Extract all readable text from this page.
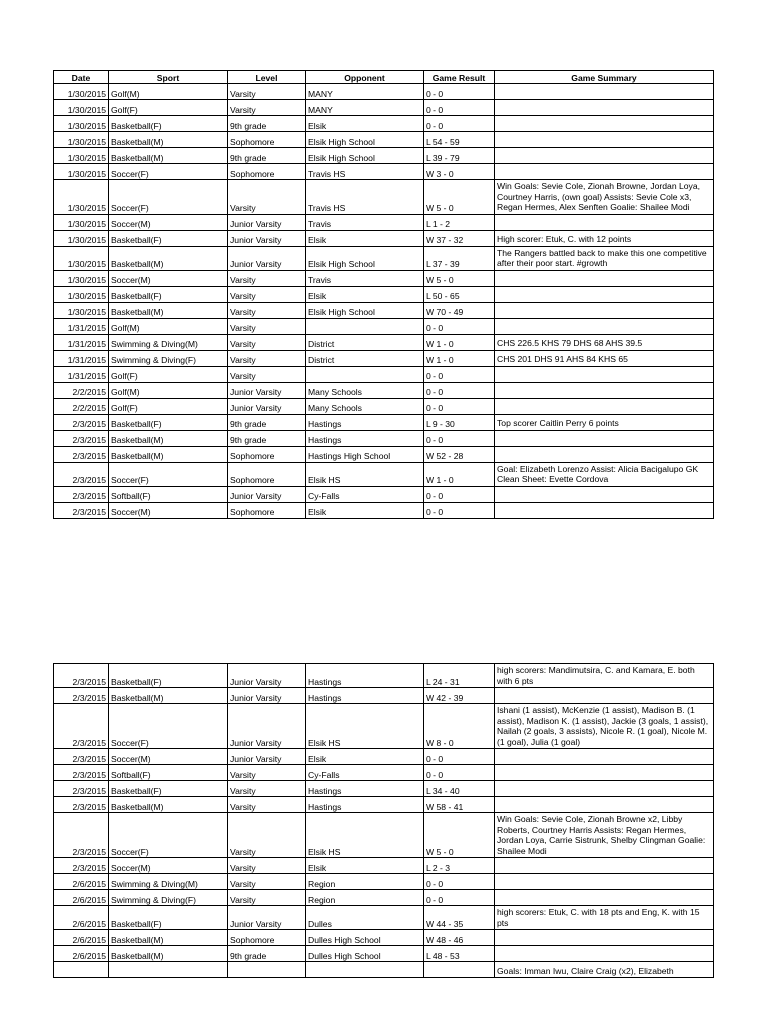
Date	Sport	Level	Opponent	Game Result	Game Summary
1/30/2015	Golf(M)	Varsity	MANY	0 - 0	
1/30/2015	Golf(F)	Varsity	MANY	0 - 0	
1/30/2015	Basketball(F)	9th grade	Elsik	0 - 0	
1/30/2015	Basketball(M)	Sophomore	Elsik High School	L 54 - 59	
1/30/2015	Basketball(M)	9th grade	Elsik High School	L 39 - 79	
1/30/2015	Soccer(F)	Sophomore	Travis HS	W 3 - 0	
1/30/2015	Soccer(F)	Varsity	Travis HS	W 5 - 0	Win Goals: Sevie Cole, Zionah Browne, Jordan Loya, Courtney Harris, (own goal) Assists: Sevie Cole x3, Regan Hermes, Alex Senften Goalie: Shailee Modi
1/30/2015	Soccer(M)	Junior Varsity	Travis	L 1 - 2	
1/30/2015	Basketball(F)	Junior Varsity	Elsik	W 37 - 32	High scorer: Etuk, C. with 12 points
1/30/2015	Basketball(M)	Junior Varsity	Elsik High School	L 37 - 39	The Rangers battled back to make this one competitive after their poor start. #growth
1/30/2015	Soccer(M)	Varsity	Travis	W 5 - 0	
1/30/2015	Basketball(F)	Varsity	Elsik	L 50 - 65	
1/30/2015	Basketball(M)	Varsity	Elsik High School	W 70 - 49	
1/31/2015	Golf(M)	Varsity		0 - 0	
1/31/2015	Swimming & Diving(M)	Varsity	District	W 1 - 0	CHS 226.5 KHS 79 DHS 68 AHS 39.5
1/31/2015	Swimming & Diving(F)	Varsity	District	W 1 - 0	CHS 201 DHS 91 AHS 84 KHS 65
1/31/2015	Golf(F)	Varsity		0 - 0	
2/2/2015	Golf(M)	Junior Varsity	Many Schools	0 - 0	
2/2/2015	Golf(F)	Junior Varsity	Many Schools	0 - 0	
2/3/2015	Basketball(F)	9th grade	Hastings	L 9 - 30	Top scorer Caitlin Perry 6 points
2/3/2015	Basketball(M)	9th grade	Hastings	0 - 0	
2/3/2015	Basketball(M)	Sophomore	Hastings High School	W 52 - 28	
2/3/2015	Soccer(F)	Sophomore	Elsik HS	W 1 - 0	Goal: Elizabeth Lorenzo Assist: Alicia Bacigalupo GK Clean Sheet: Evette Cordova
2/3/2015	Softball(F)	Junior Varsity	Cy-Falls	0 - 0	
2/3/2015	Soccer(M)	Sophomore	Elsik	0 - 0	
2/3/2015	Basketball(F)	Junior Varsity	Hastings	L 24 - 31	high scorers: Mandimutsira, C. and Kamara, E. both with 6 pts
2/3/2015	Basketball(M)	Junior Varsity	Hastings	W 42 - 39	
2/3/2015	Soccer(F)	Junior Varsity	Elsik HS	W 8 - 0	Ishani (1 assist), McKenzie (1 assist), Madison B. (1 assist), Madison K. (1 assist), Jackie (3 goals, 1 assist), Nailah (2 goals, 3 assists), Nicole R. (1 goal), Nicole M. (1 goal), Julia (1 goal)
2/3/2015	Soccer(M)	Junior Varsity	Elsik	0 - 0	
2/3/2015	Softball(F)	Varsity	Cy-Falls	0 - 0	
2/3/2015	Basketball(F)	Varsity	Hastings	L 34 - 40	
2/3/2015	Basketball(M)	Varsity	Hastings	W 58 - 41	
2/3/2015	Soccer(F)	Varsity	Elsik HS	W 5 - 0	Win Goals: Sevie Cole, Zionah Browne x2, Libby Roberts, Courtney Harris Assists: Regan Hermes, Jordan Loya, Carrie Sistrunk, Shelby Clingman Goalie: Shailee Modi
2/3/2015	Soccer(M)	Varsity	Elsik	L 2 - 3	
2/6/2015	Swimming & Diving(M)	Varsity	Region	0 - 0	
2/6/2015	Swimming & Diving(F)	Varsity	Region	0 - 0	
2/6/2015	Basketball(F)	Junior Varsity	Dulles	W 44 - 35	high scorers: Etuk, C. with 18 pts and Eng, K. with 15 pts
2/6/2015	Basketball(M)	Sophomore	Dulles High School	W 48 - 46	
2/6/2015	Basketball(M)	9th grade	Dulles High School	L 48 - 53	
					Goals: Imman Iwu, Claire Craig (x2), Elizabeth
